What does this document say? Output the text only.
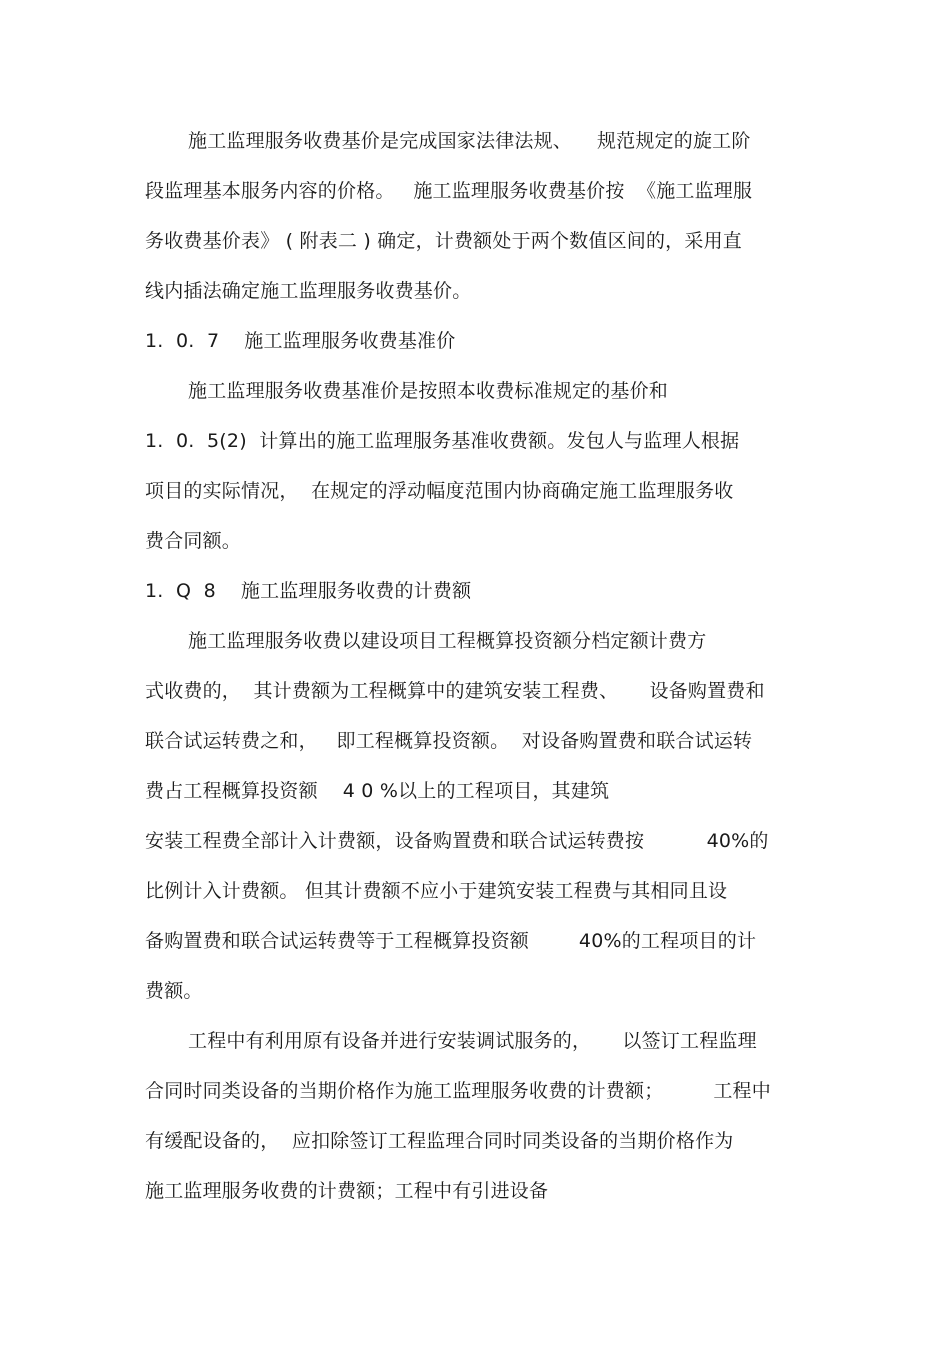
施工监理服务收费基价是完成国家法律法规、    规范规定的旋工阶

段监理基本服务内容的价格。   施工监理服务收费基价按  《施工监理服

务收费基价表》 ( 附表二 ) 确定，计费额处于两个数值区间的，采用直

线内插法确定施工监理服务收费基价。

1.  0.  7    施工监理服务收费基准价

施工监理服务收费基准价是按照本收费标准规定的基价和

1.  0.  5(2)  计算出的施工监理服务基准收费额。发包人与监理人根据

项目的实际情况，  在规定的浮动幅度范围内协商确定施工监理服务收

费合同额。

1.  Q  8    施工监理服务收费的计费额

施工监理服务收费以建设项目工程概算投资额分档定额计费方

式收费的，  其计费额为工程概算中的建筑安装工程费、     设备购置费和

联合试运转费之和，   即工程概算投资额。  对设备购置费和联合试运转

费占工程概算投资额    4 0 %以上的工程项目，其建筑

安装工程费全部计入计费额，设备购置费和联合试运转费按          40%的

比例计入计费额。 但其计费额不应小于建筑安装工程费与其相同且设

备购置费和联合试运转费等于工程概算投资额        40%的工程项目的计

费额。

工程中有利用原有设备并进行安装调试服务的，     以签订工程监理

合同时同类设备的当期价格作为施工监理服务收费的计费额；        工程中

有缓配设备的，  应扣除签订工程监理合同时同类设备的当期价格作为

施工监理服务收费的计费额；工程中有引进设备
